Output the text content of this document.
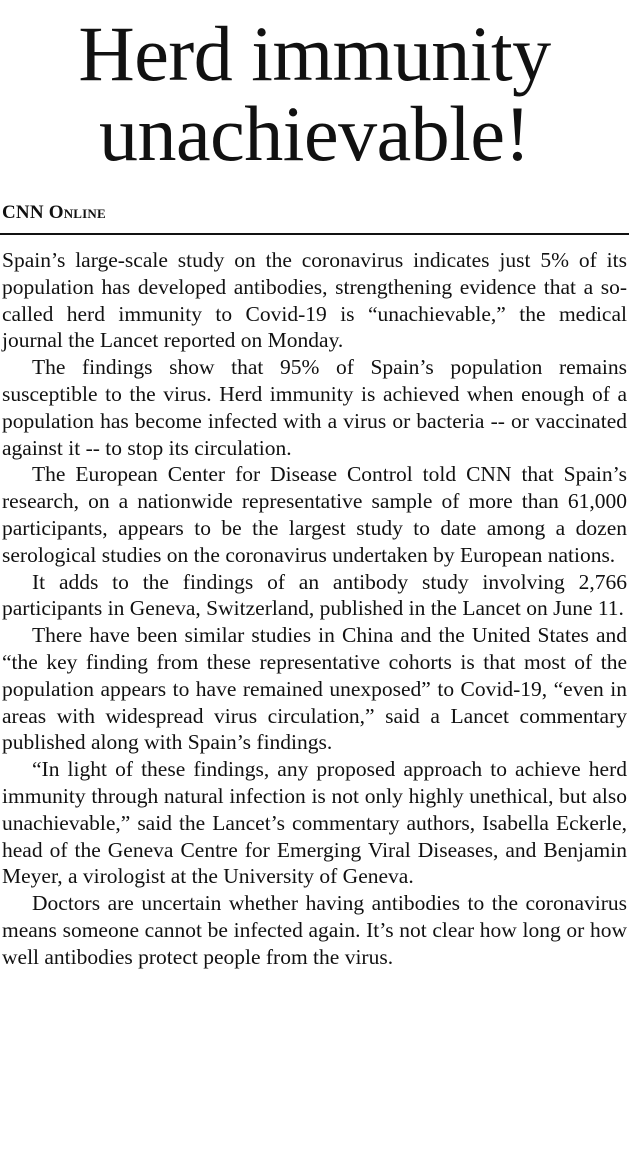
Herd immunity
unachievable!
CNN Online

Spain’s large-scale study on the coronavirus indicates just 5% of its population has developed antibodies, strengthening evidence that a so-called herd immunity to Covid-19 is “unachievable,” the medical journal the Lancet reported on Monday.

The findings show that 95% of Spain’s population remains susceptible to the virus. Herd immunity is achieved when enough of a population has become infected with a virus or bacteria -- or vaccinated against it -- to stop its circulation.

The European Center for Disease Control told CNN that Spain’s research, on a nationwide representative sample of more than 61,000 participants, appears to be the largest study to date among a dozen serological studies on the coronavirus undertaken by European nations.

It adds to the findings of an antibody study involving 2,766 participants in Geneva, Switzerland, published in the Lancet on June 11.

There have been similar studies in China and the United States and “the key finding from these representative cohorts is that most of the population appears to have remained unexposed” to Covid-19, “even in areas with widespread virus circulation,” said a Lancet commentary published along with Spain’s findings.

“In light of these findings, any proposed approach to achieve herd immunity through natural infection is not only highly unethical, but also unachievable,” said the Lancet’s commentary authors, Isabella Eckerle, head of the Geneva Centre for Emerging Viral Diseases, and Benjamin Meyer, a virologist at the University of Geneva.

Doctors are uncertain whether having antibodies to the coronavirus means someone cannot be infected again. It’s not clear how long or how well antibodies protect people from the virus.
